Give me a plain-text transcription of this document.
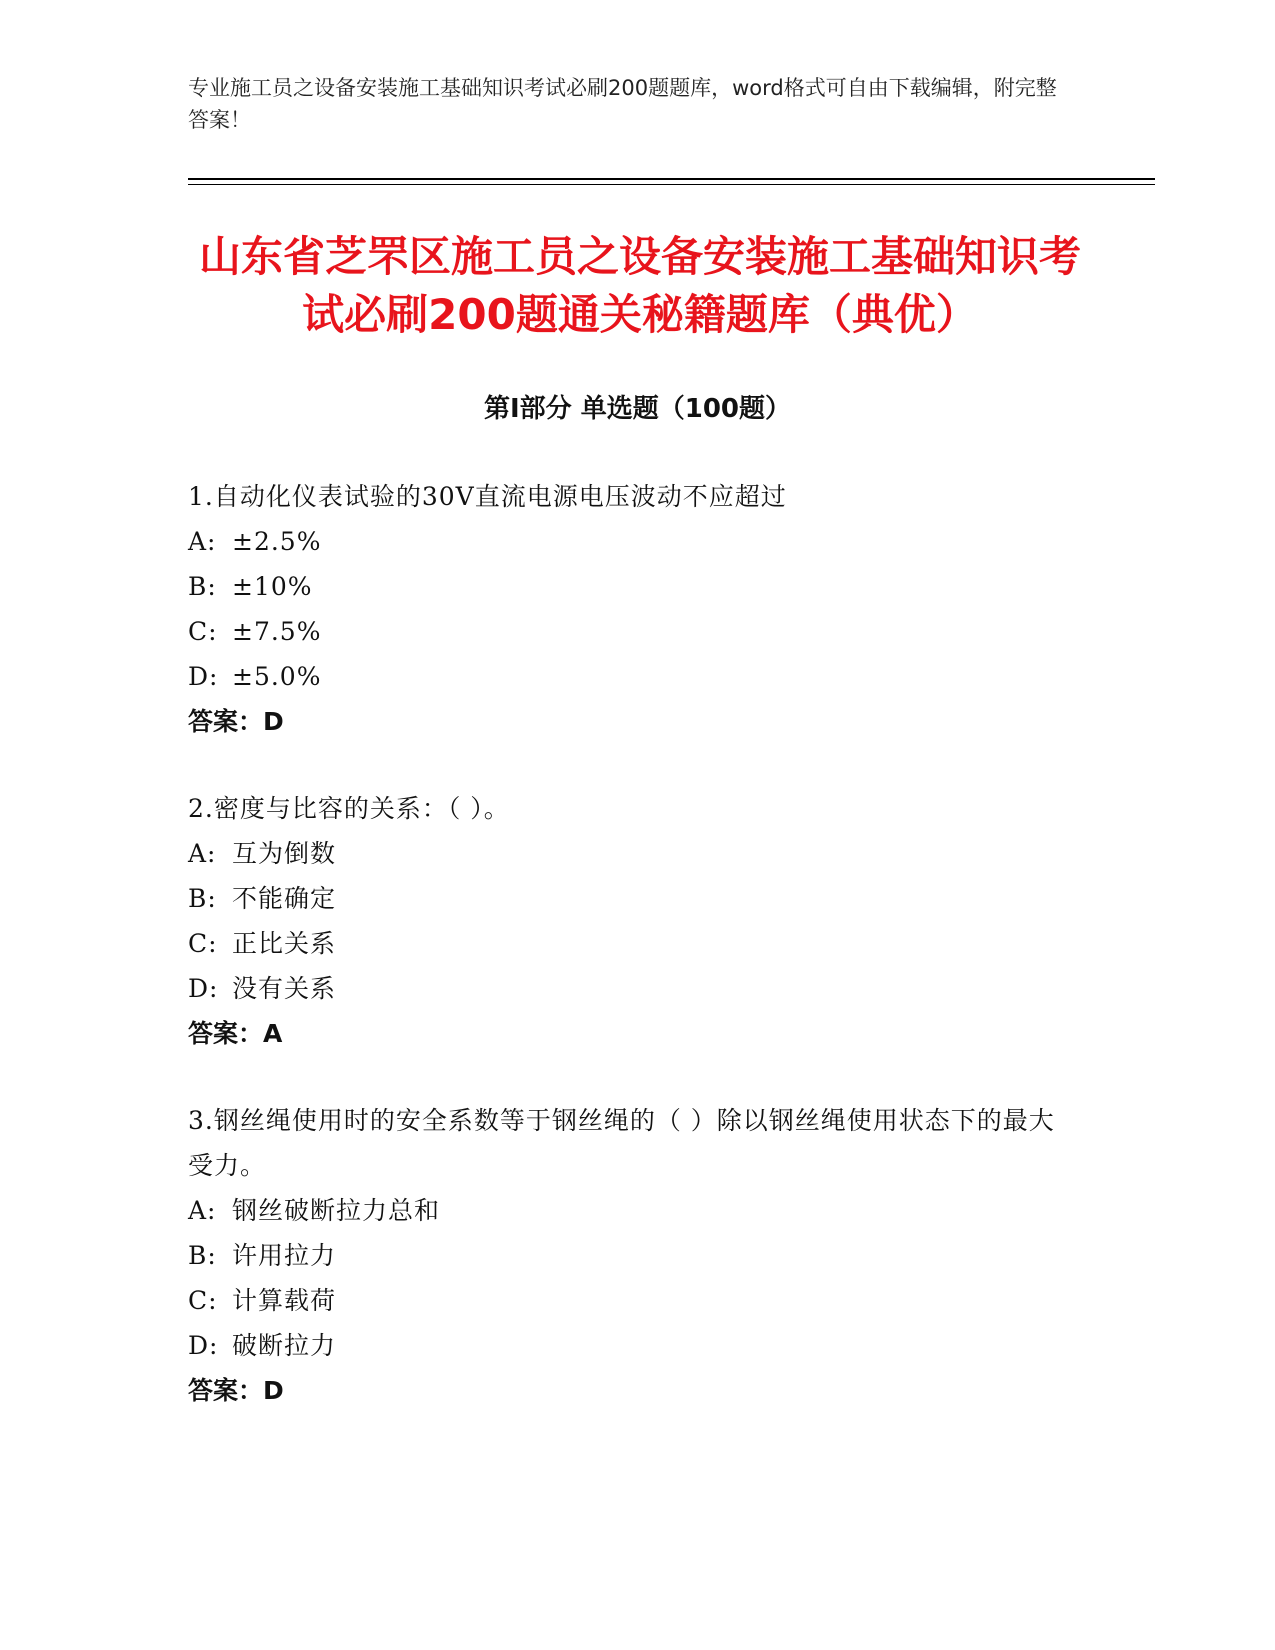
专业施工员之设备安装施工基础知识考试必刷200题题库，word格式可自由下载编辑，附完整答案！
山东省芝罘区施工员之设备安装施工基础知识考试必刷200题通关秘籍题库（典优）
第Ⅰ部分 单选题（100题）
1.自动化仪表试验的30V直流电源电压波动不应超过
A: ±2.5%
B: ±10%
C: ±7.5%
D: ±5.0%
答案：D
2.密度与比容的关系：（ ）。
A: 互为倒数
B: 不能确定
C: 正比关系
D: 没有关系
答案：A
3.钢丝绳使用时的安全系数等于钢丝绳的（ ）除以钢丝绳使用状态下的最大受力。
A: 钢丝破断拉力总和
B: 许用拉力
C: 计算载荷
D: 破断拉力
答案：D
